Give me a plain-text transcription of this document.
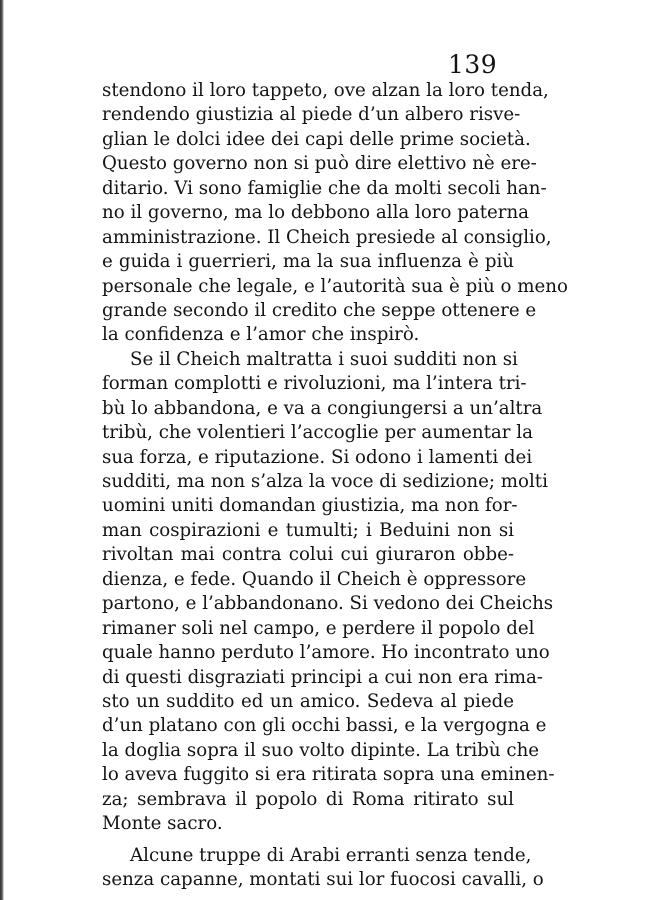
139
stendono il loro tappeto, ove alzan la loro tenda,
rendendo giustizia al piede d’un albero risve-
glian le dolci idee dei capi delle prime società.
Questo governo non si può dire elettivo nè ere-
ditario. Vi sono famiglie che da molti secoli han-
no il governo, ma lo debbono alla loro paterna
amministrazione. Il Cheich presiede al consiglio,
e guida i guerrieri, ma la sua influenza è più
personale che legale, e l’autorità sua è più o meno
grande secondo il credito che seppe ottenere e
la confidenza e l’amor che inspirò.
Se il Cheich maltratta i suoi sudditi non si
forman complotti e rivoluzioni, ma l’intera tri-
bù lo abbandona, e va a congiungersi a un’altra
tribù, che volentieri l’accoglie per aumentar la
sua forza, e riputazione. Si odono i lamenti dei
sudditi, ma non s’alza la voce di sedizione; molti
uomini uniti domandan giustizia, ma non for-
man cospirazioni e tumulti; i Beduini non si
rivoltan mai contra colui cui giuraron obbe-
dienza, e fede. Quando il Cheich è oppressore
partono, e l’abbandonano. Si vedono dei Cheichs
rimaner soli nel campo, e perdere il popolo del
quale hanno perduto l’amore. Ho incontrato uno
di questi disgraziati principi a cui non era rima-
sto un suddito ed un amico. Sedeva al piede
d’un platano con gli occhi bassi, e la vergogna e
la doglia sopra il suo volto dipinte. La tribù che
lo aveva fuggito si era ritirata sopra una eminen-
za; sembrava il popolo di Roma ritirato sul
Monte sacro.
Alcune truppe di Arabi erranti senza tende,
senza capanne, montati sui lor fuocosi cavalli, o
